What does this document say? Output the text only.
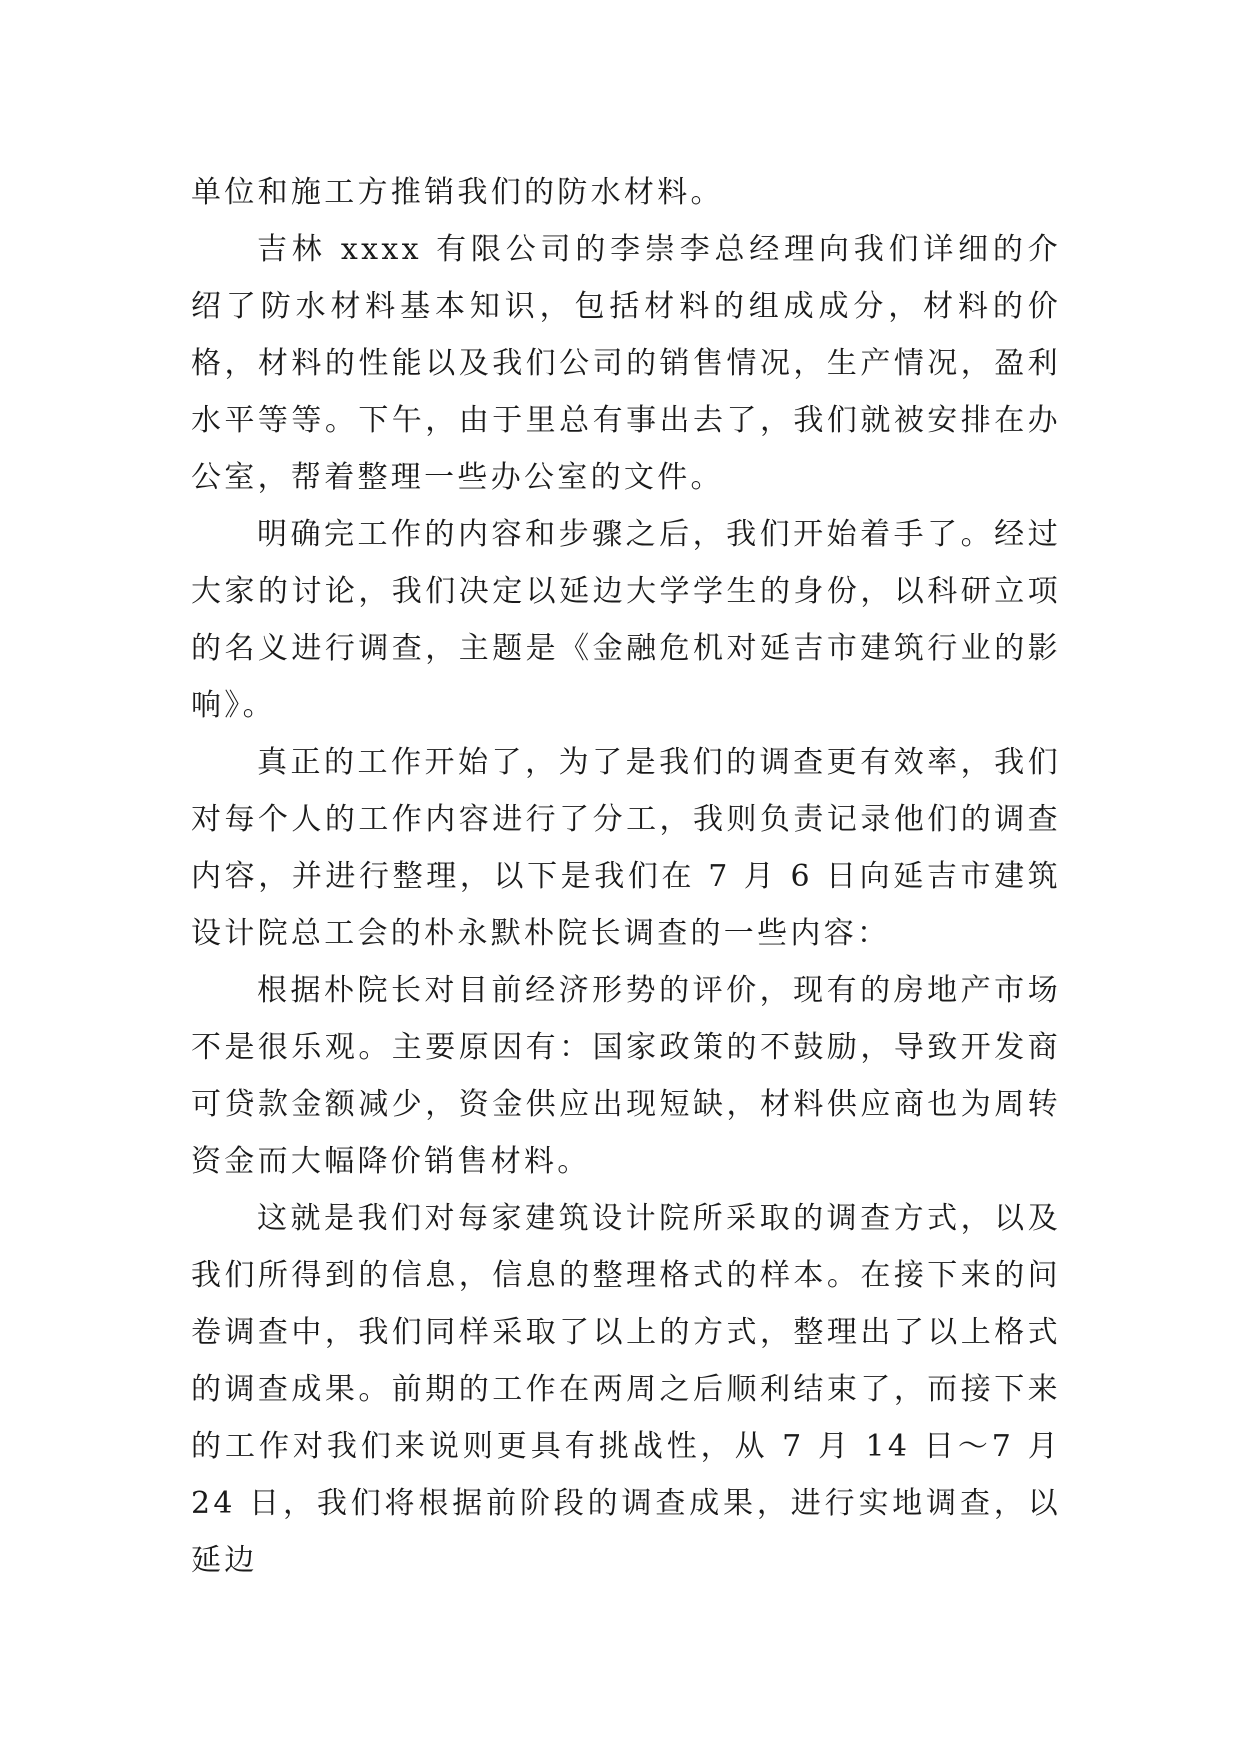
单位和施工方推销我们的防水材料。

吉林 xxxx 有限公司的李崇李总经理向我们详细的介绍了防水材料基本知识，包括材料的组成成分，材料的价格，材料的性能以及我们公司的销售情况，生产情况，盈利水平等等。下午，由于里总有事出去了，我们就被安排在办公室，帮着整理一些办公室的文件。

明确完工作的内容和步骤之后，我们开始着手了。经过大家的讨论，我们决定以延边大学学生的身份，以科研立项的名义进行调查，主题是《金融危机对延吉市建筑行业的影响》。

真正的工作开始了，为了是我们的调查更有效率，我们对每个人的工作内容进行了分工，我则负责记录他们的调查内容，并进行整理，以下是我们在 7 月 6 日向延吉市建筑设计院总工会的朴永默朴院长调查的一些内容：

根据朴院长对目前经济形势的评价，现有的房地产市场不是很乐观。主要原因有：国家政策的不鼓励，导致开发商可贷款金额减少，资金供应出现短缺，材料供应商也为周转资金而大幅降价销售材料。

这就是我们对每家建筑设计院所采取的调查方式，以及我们所得到的信息，信息的整理格式的样本。在接下来的问卷调查中，我们同样采取了以上的方式，整理出了以上格式的调查成果。前期的工作在两周之后顺利结束了，而接下来的工作对我们来说则更具有挑战性，从 7 月 14 日～7 月 24 日，我们将根据前阶段的调查成果，进行实地调查，以延边
